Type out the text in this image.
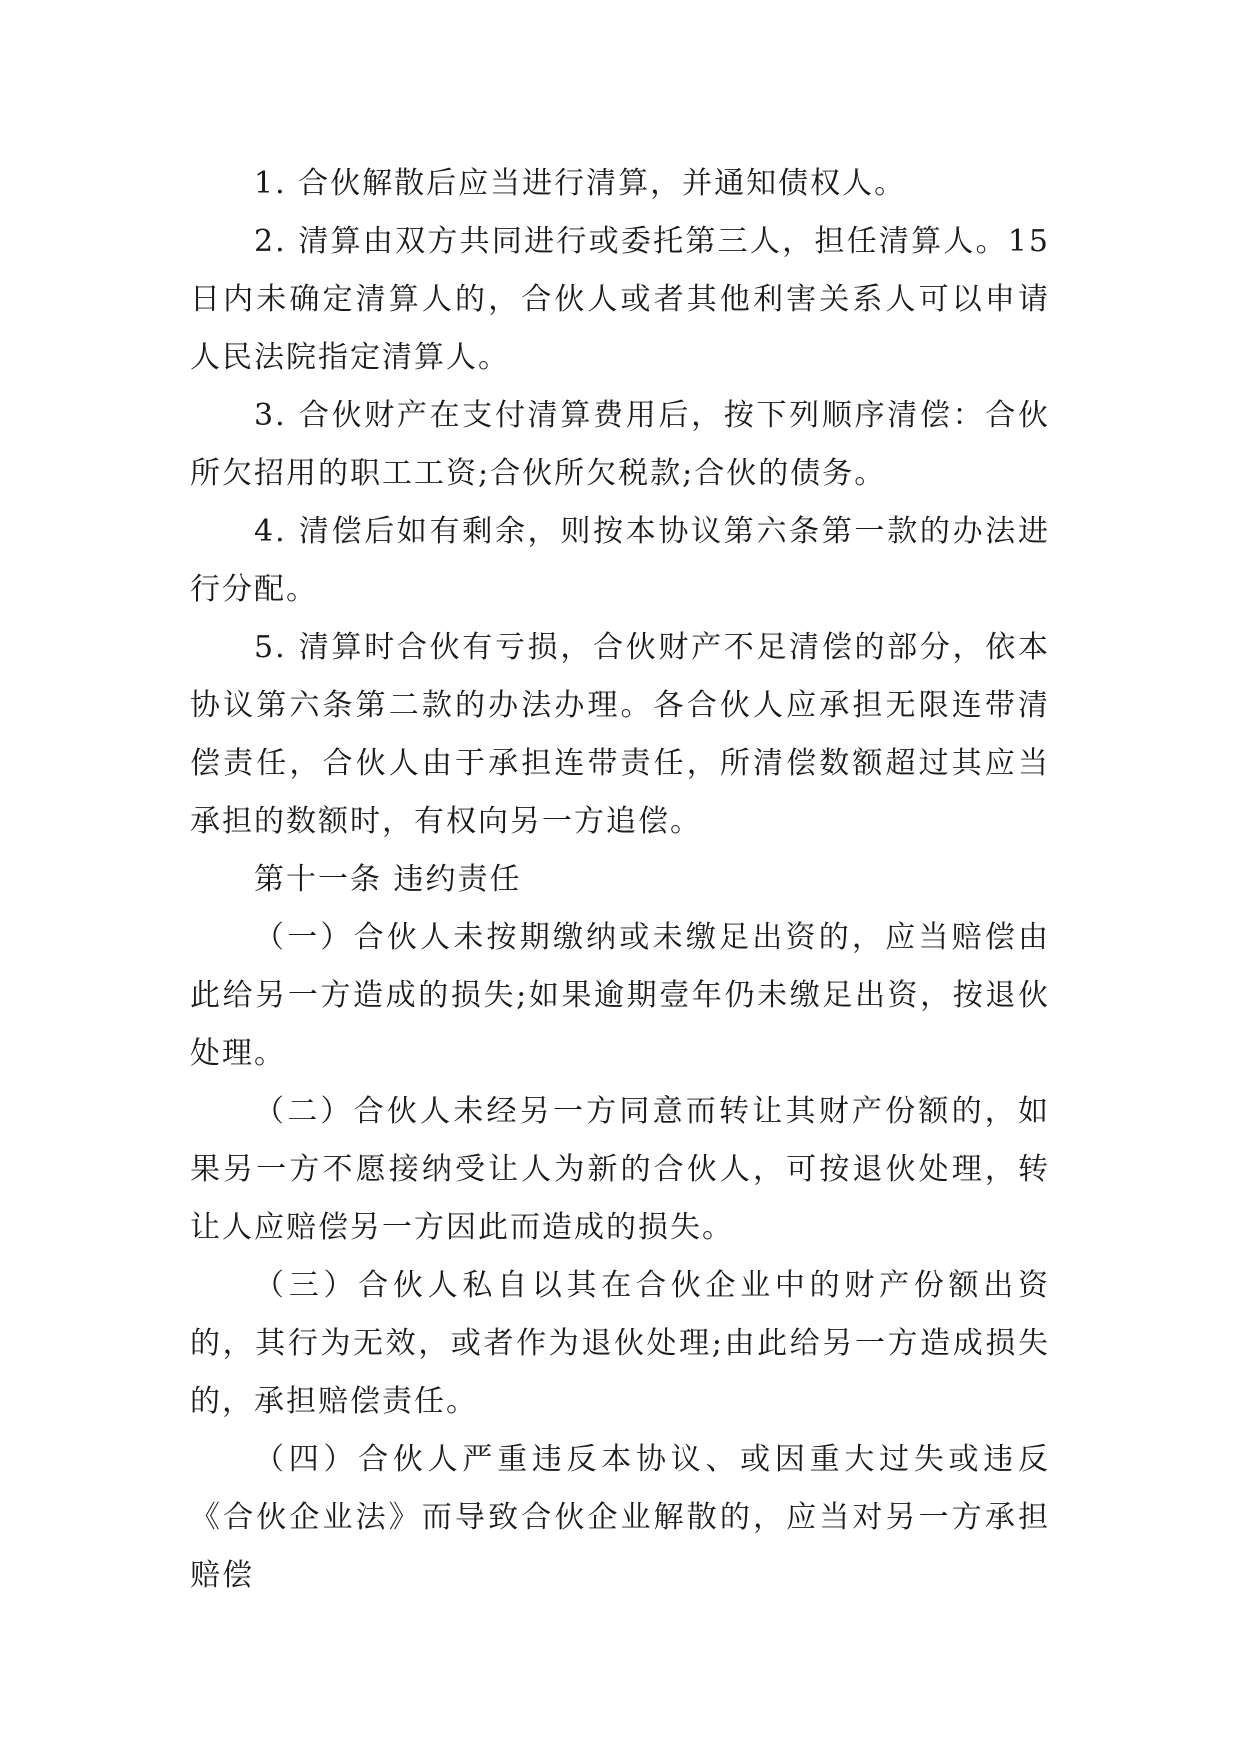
1. 合伙解散后应当进行清算，并通知债权人。

2. 清算由双方共同进行或委托第三人，担任清算人。15日内未确定清算人的，合伙人或者其他利害关系人可以申请人民法院指定清算人。

3. 合伙财产在支付清算费用后，按下列顺序清偿：合伙所欠招用的职工工资;合伙所欠税款;合伙的债务。

4. 清偿后如有剩余，则按本协议第六条第一款的办法进行分配。

5. 清算时合伙有亏损，合伙财产不足清偿的部分，依本协议第六条第二款的办法办理。各合伙人应承担无限连带清偿责任，合伙人由于承担连带责任，所清偿数额超过其应当承担的数额时，有权向另一方追偿。

第十一条 违约责任

（一）合伙人未按期缴纳或未缴足出资的，应当赔偿由此给另一方造成的损失;如果逾期壹年仍未缴足出资，按退伙处理。

（二）合伙人未经另一方同意而转让其财产份额的，如果另一方不愿接纳受让人为新的合伙人，可按退伙处理，转让人应赔偿另一方因此而造成的损失。

（三）合伙人私自以其在合伙企业中的财产份额出资的，其行为无效，或者作为退伙处理;由此给另一方造成损失的，承担赔偿责任。

（四）合伙人严重违反本协议、或因重大过失或违反《合伙企业法》而导致合伙企业解散的，应当对另一方承担赔偿
